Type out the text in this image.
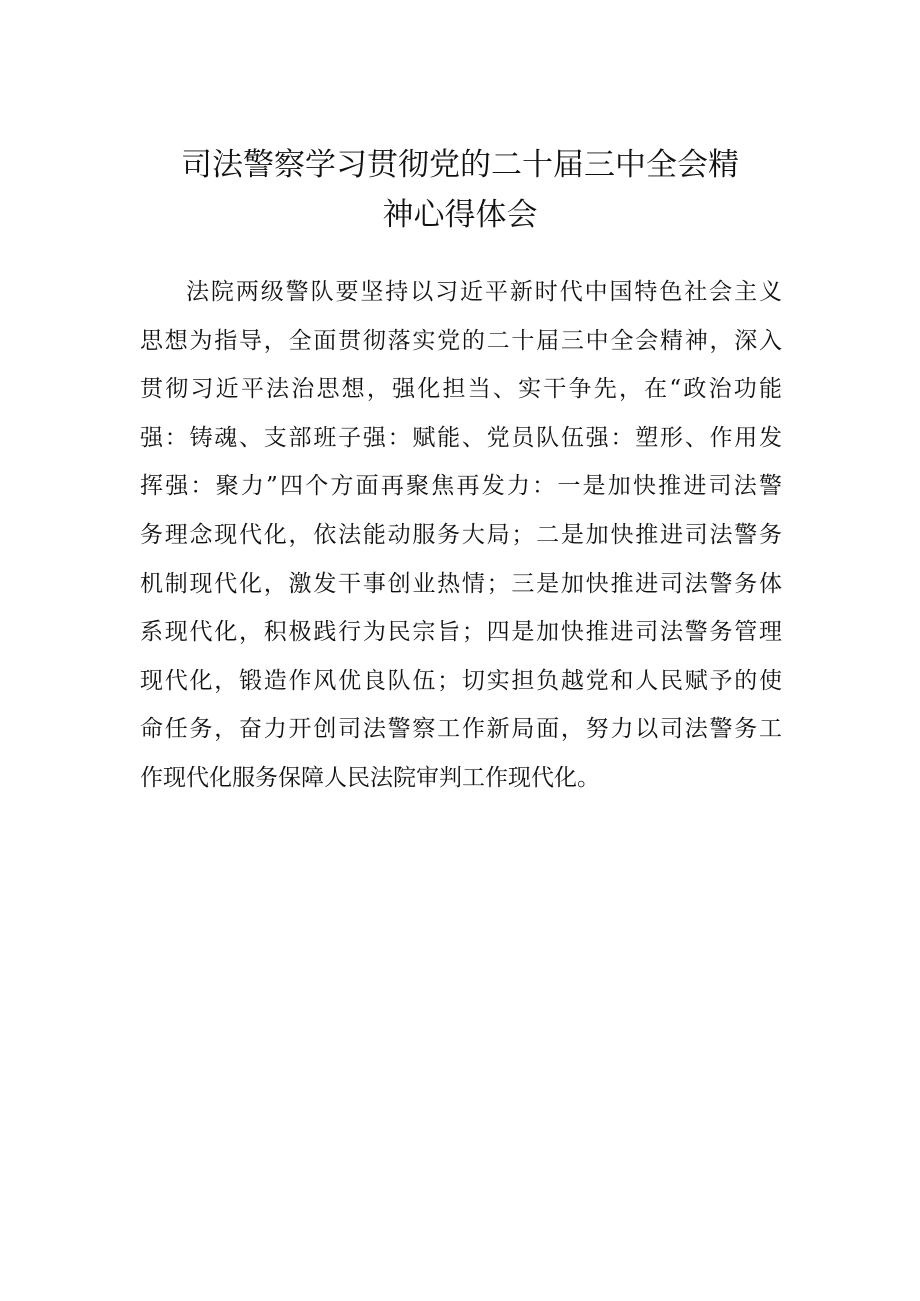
司法警察学习贯彻党的二十届三中全会精
神心得体会
法院两级警队要坚持以习近平新时代中国特色社会主义
思想为指导，全面贯彻落实党的二十届三中全会精神，深入
贯彻习近平法治思想，强化担当、实干争先，在“政治功能
强：铸魂、支部班子强：赋能、党员队伍强：塑形、作用发
挥强：聚力”四个方面再聚焦再发力：一是加快推进司法警
务理念现代化，依法能动服务大局；二是加快推进司法警务
机制现代化，激发干事创业热情；三是加快推进司法警务体
系现代化，积极践行为民宗旨；四是加快推进司法警务管理
现代化，锻造作风优良队伍；切实担负越党和人民赋予的使
命任务，奋力开创司法警察工作新局面，努力以司法警务工
作现代化服务保障人民法院审判工作现代化。
